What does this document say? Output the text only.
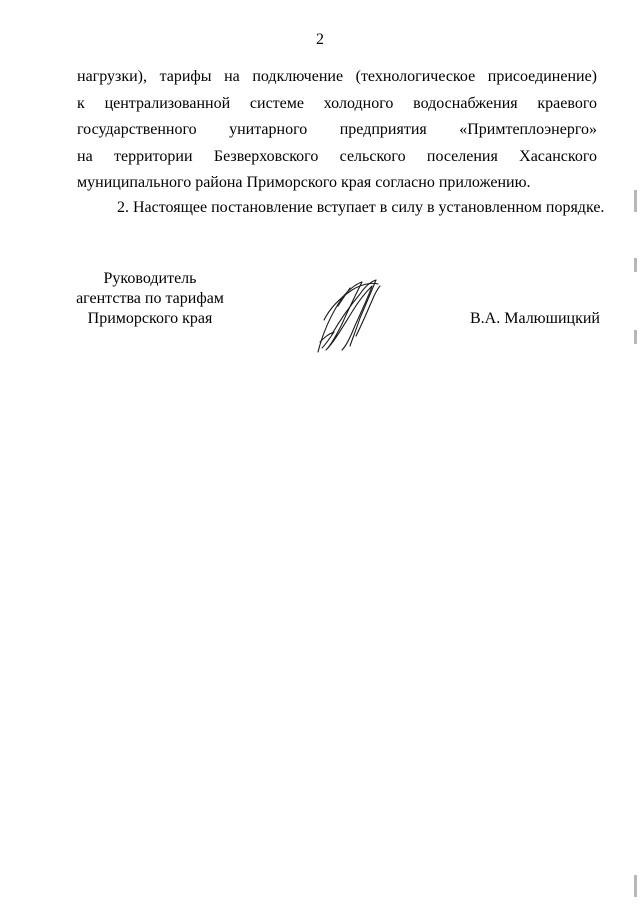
2
нагрузки), тарифы на подключение (технологическое присоединение)
к централизованной системе холодного водоснабжения краевого
государственного унитарного предприятия «Примтеплоэнерго»
на территории Безверховского сельского поселения Хасанского
муниципального района Приморского края согласно приложению.
2. Настоящее постановление вступает в силу в установленном порядке.
Руководитель
агентства по тарифам
Приморского края	В.А. Малюшицкий
